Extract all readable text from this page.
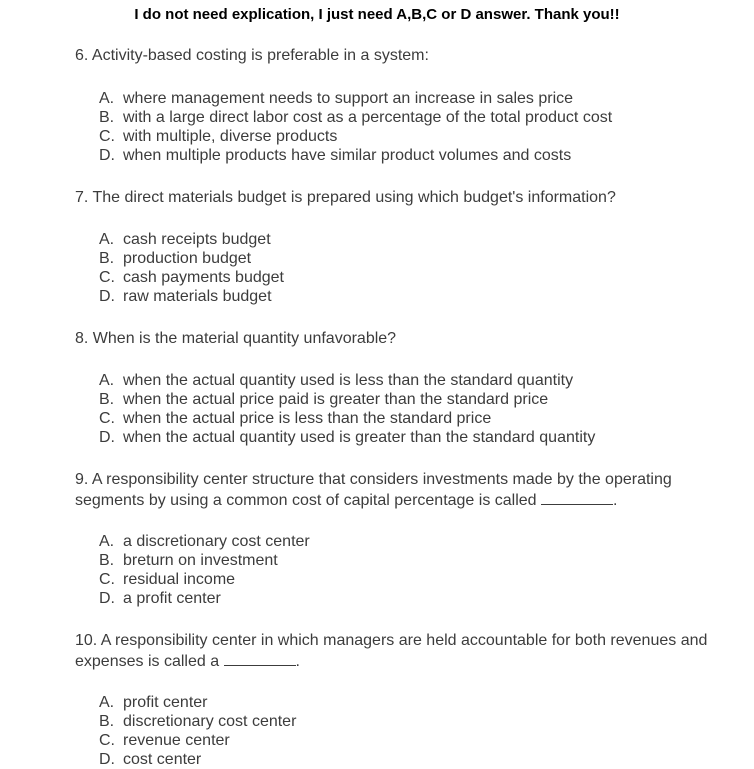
I do not need explication, I just need A,B,C or D answer. Thank you!!
6. Activity-based costing is preferable in a system:
A. where management needs to support an increase in sales price
B. with a large direct labor cost as a percentage of the total product cost
C. with multiple, diverse products
D. when multiple products have similar product volumes and costs
7. The direct materials budget is prepared using which budget's information?
A. cash receipts budget
B. production budget
C. cash payments budget
D. raw materials budget
8. When is the material quantity unfavorable?
A. when the actual quantity used is less than the standard quantity
B. when the actual price paid is greater than the standard price
C. when the actual price is less than the standard price
D. when the actual quantity used is greater than the standard quantity
9. A responsibility center structure that considers investments made by the operating segments by using a common cost of capital percentage is called	.
A. a discretionary cost center
B. breturn on investment
C. residual income
D. a profit center
10. A responsibility center in which managers are held accountable for both revenues and expenses is called a	.
A. profit center
B. discretionary cost center
C. revenue center
D. cost center
